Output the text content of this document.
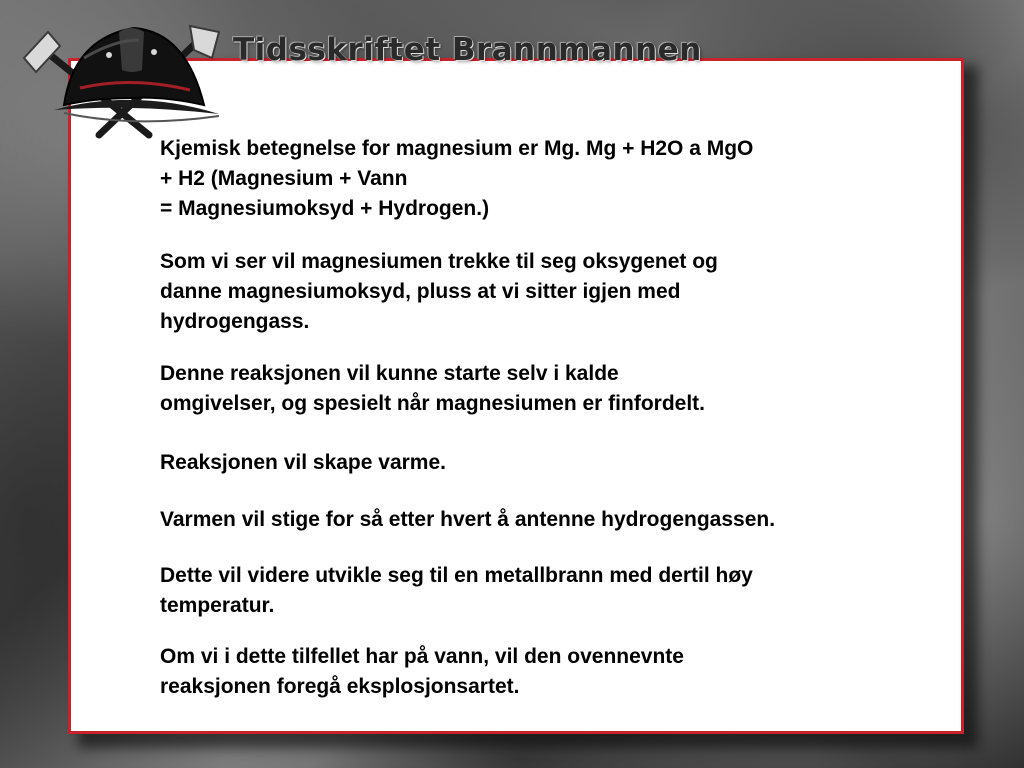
Tidsskriftet Brannmannen

Kjemisk betegnelse for magnesium er Mg. Mg + H2O a MgO
+ H2 (Magnesium + Vann
= Magnesiumoksyd + Hydrogen.)

Som vi ser vil magnesiumen trekke til seg oksygenet og
danne magnesiumoksyd, pluss at vi sitter igjen med
hydrogengass.

Denne reaksjonen vil kunne starte selv i kalde
omgivelser, og spesielt når magnesiumen er finfordelt.

Reaksjonen vil skape varme.

Varmen vil stige for så etter hvert å antenne hydrogengassen.

Dette vil videre utvikle seg til en metallbrann med dertil høy
temperatur.

Om vi i dette tilfellet har på vann, vil den ovennevnte
reaksjonen foregå eksplosjonsartet.
